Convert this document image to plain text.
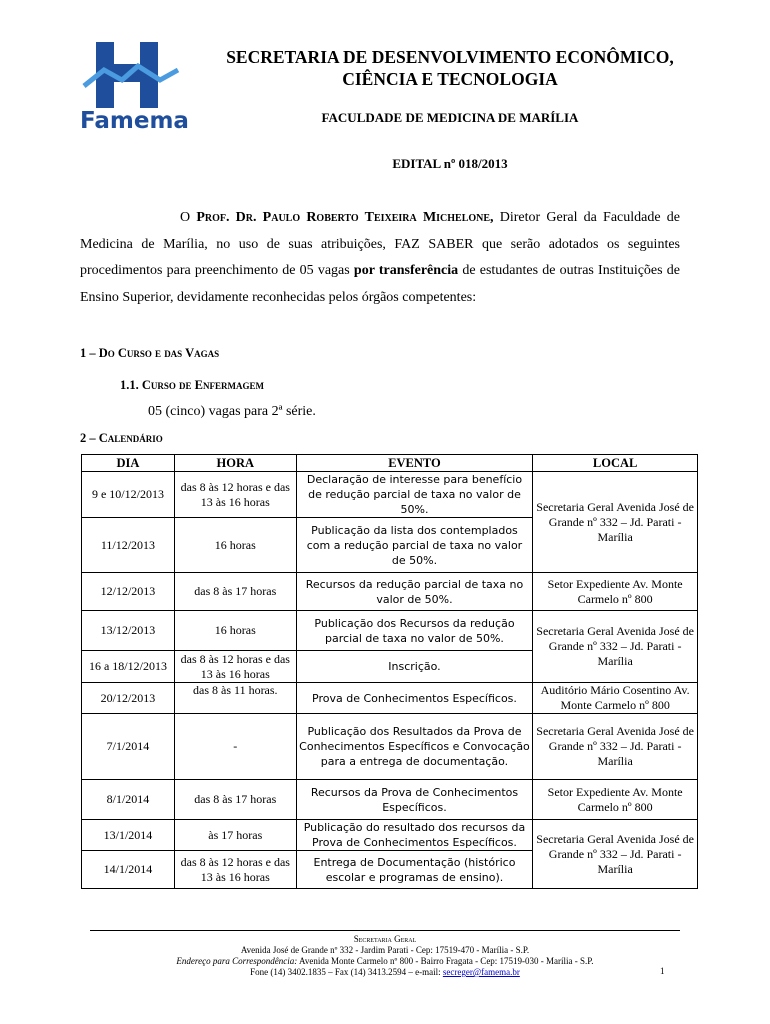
Famema
SECRETARIA DE DESENVOLVIMENTO ECONÔMICO,
CIÊNCIA E TECNOLOGIA
FACULDADE DE MEDICINA DE MARÍLIA
EDITAL nº 018/2013
O Prof. Dr. Paulo Roberto Teixeira Michelone, Diretor Geral da Faculdade de Medicina de Marília, no uso de suas atribuições, FAZ SABER que serão adotados os seguintes procedimentos para preenchimento de 05 vagas por transferência de estudantes de outras Instituições de Ensino Superior, devidamente reconhecidas pelos órgãos competentes:
1 – Do Curso e das Vagas
1.1. Curso de Enfermagem
05 (cinco) vagas para 2ª série.
2 – Calendário
DIA	HORA	EVENTO	LOCAL
9 e 10/12/2013	das 8 às 12 horas e das 13 às 16 horas	Declaração de interesse para benefício de redução parcial de taxa no valor de 50%.	Secretaria Geral Avenida José de Grande nº 332 – Jd. Parati - Marília
11/12/2013	16 horas	Publicação da lista dos contemplados com a redução parcial de taxa no valor de 50%.	
12/12/2013	das 8 às 17 horas	Recursos da redução parcial de taxa no valor de 50%.	Setor Expediente Av. Monte Carmelo nº 800
13/12/2013	16 horas	Publicação dos Recursos da redução parcial de taxa no valor de 50%.	Secretaria Geral Avenida José de Grande nº 332 – Jd. Parati - Marília
16 a 18/12/2013	das 8 às 12 horas e das 13 às 16 horas	Inscrição.	
20/12/2013	das 8 às 11 horas.	Prova de Conhecimentos Específicos.	Auditório Mário Cosentino Av. Monte Carmelo nº 800
7/1/2014	-	Publicação dos Resultados da Prova de Conhecimentos Específicos e Convocação para a entrega de documentação.	Secretaria Geral Avenida José de Grande nº 332 – Jd. Parati - Marília
8/1/2014	das 8 às 17 horas	Recursos da Prova de Conhecimentos Específicos.	Setor Expediente Av. Monte Carmelo nº 800
13/1/2014	às 17 horas	Publicação do resultado dos recursos da Prova de Conhecimentos Específicos.	Secretaria Geral Avenida José de Grande nº 332 – Jd. Parati - Marília
14/1/2014	das 8 às 12 horas e das 13 às 16 horas	Entrega de Documentação (histórico escolar e programas de ensino).	
Secretaria Geral
Avenida José de Grande nº 332 - Jardim Parati - Cep: 17519-470 - Marília - S.P.
Endereço para Correspondência: Avenida Monte Carmelo nº 800 - Bairro Fragata - Cep: 17519-030 - Marília - S.P.
Fone (14) 3402.1835 – Fax (14) 3413.2594 – e-mail: secreger@famema.br	1
